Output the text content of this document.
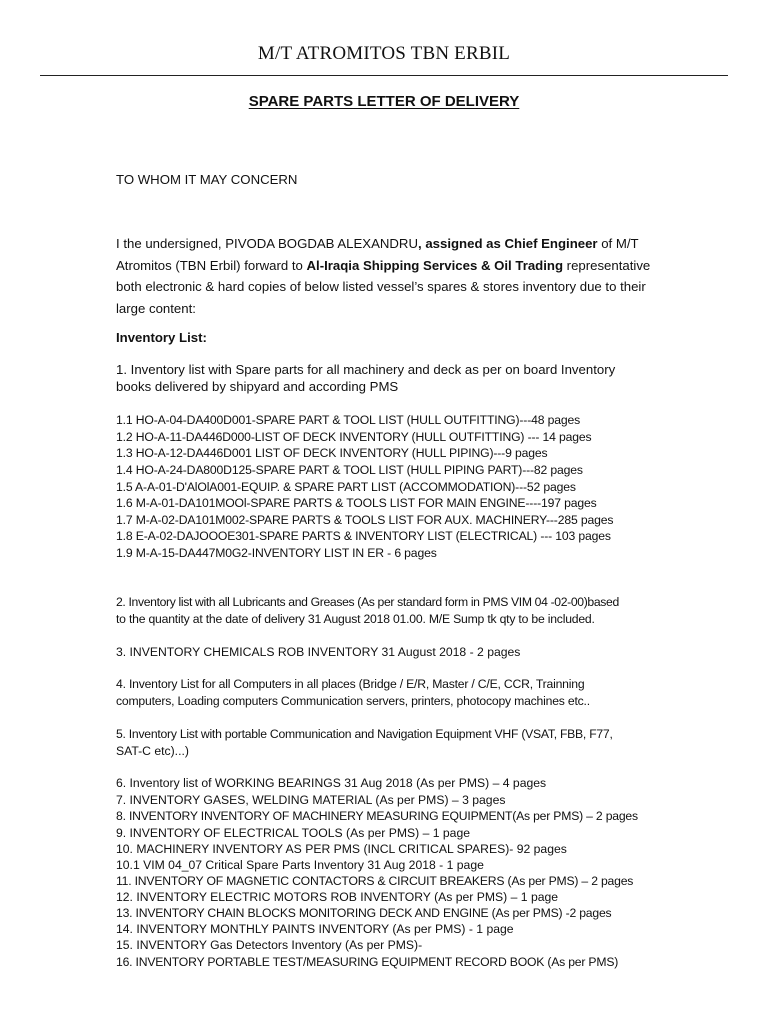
M/T ATROMITOS TBN ERBIL
SPARE PARTS LETTER OF DELIVERY
TO WHOM IT MAY CONCERN
I the undersigned, PIVODA BOGDAB ALEXANDRU, assigned as Chief Engineer of M/T Atromitos (TBN Erbil) forward to Al-Iraqia Shipping Services & Oil Trading representative both electronic & hard copies of below listed vessel’s spares & stores inventory due to their large content:
Inventory List:
1. Inventory list with Spare parts for all machinery and deck as per on board Inventory
books delivered by shipyard and according PMS
1.1 HO-A-04-DA400D001-SPARE PART & TOOL LIST (HULL OUTFITTING)---48 pages
1.2 HO-A-11-DA446D000-LIST OF DECK INVENTORY (HULL OUTFITTING) --- 14 pages
1.3 HO-A-12-DA446D001 LIST OF DECK INVENTORY (HULL PIPING)---9 pages
1.4 HO-A-24-DA800D125-SPARE PART & TOOL LIST (HULL PIPING PART)---82 pages
1.5 A-A-01-D'AlOlA001-EQUIP. & SPARE PART LIST (ACCOMMODATION)---52 pages
1.6 M-A-01-DA101MOOl-SPARE PARTS & TOOLS LIST FOR MAIN ENGINE----197 pages
1.7 M-A-02-DA101M002-SPARE PARTS & TOOLS LIST FOR AUX. MACHINERY---285 pages
1.8 E-A-02-DAJOOOE301-SPARE PARTS & INVENTORY LIST (ELECTRICAL) --- 103 pages
1.9 M-A-15-DA447M0G2-INVENTORY LIST IN ER - 6 pages
2. Inventory list with all Lubricants and Greases (As per standard form in PMS VIM 04 -02-00)based
to the quantity at the date of delivery 31 August 2018 01.00. M/E Sump tk qty to be included.
3. INVENTORY CHEMICALS ROB INVENTORY 31 August 2018 - 2 pages
4. Inventory List for all Computers in all places (Bridge / E/R, Master / C/E, CCR, Trainning
computers, Loading computers Communication servers, printers, photocopy machines etc..
5. Inventory List with portable Communication and Navigation Equipment VHF (VSAT, FBB, F77,
SAT-C etc)...)
6. Inventory list of WORKING BEARINGS 31 Aug 2018 (As per PMS) – 4 pages
7. INVENTORY GASES, WELDING MATERIAL (As per PMS) – 3 pages
8. INVENTORY INVENTORY OF MACHINERY MEASURING EQUIPMENT(As per PMS) – 2 pages
9. INVENTORY OF ELECTRICAL TOOLS (As per PMS) – 1 page
10. MACHINERY INVENTORY AS PER PMS (INCL CRITICAL SPARES)- 92 pages
10.1 VIM 04_07 Critical Spare Parts Inventory 31 Aug 2018 - 1 page
11. INVENTORY OF MAGNETIC CONTACTORS & CIRCUIT BREAKERS (As per PMS) – 2 pages
12. INVENTORY ELECTRIC MOTORS ROB INVENTORY (As per PMS) – 1 page
13. INVENTORY CHAIN BLOCKS MONITORING DECK AND ENGINE (As per PMS) -2 pages
14. INVENTORY MONTHLY PAINTS INVENTORY (As per PMS) - 1 page
15. INVENTORY Gas Detectors Inventory (As per PMS)-
16. INVENTORY PORTABLE TEST/MEASURING EQUIPMENT RECORD BOOK (As per PMS)
